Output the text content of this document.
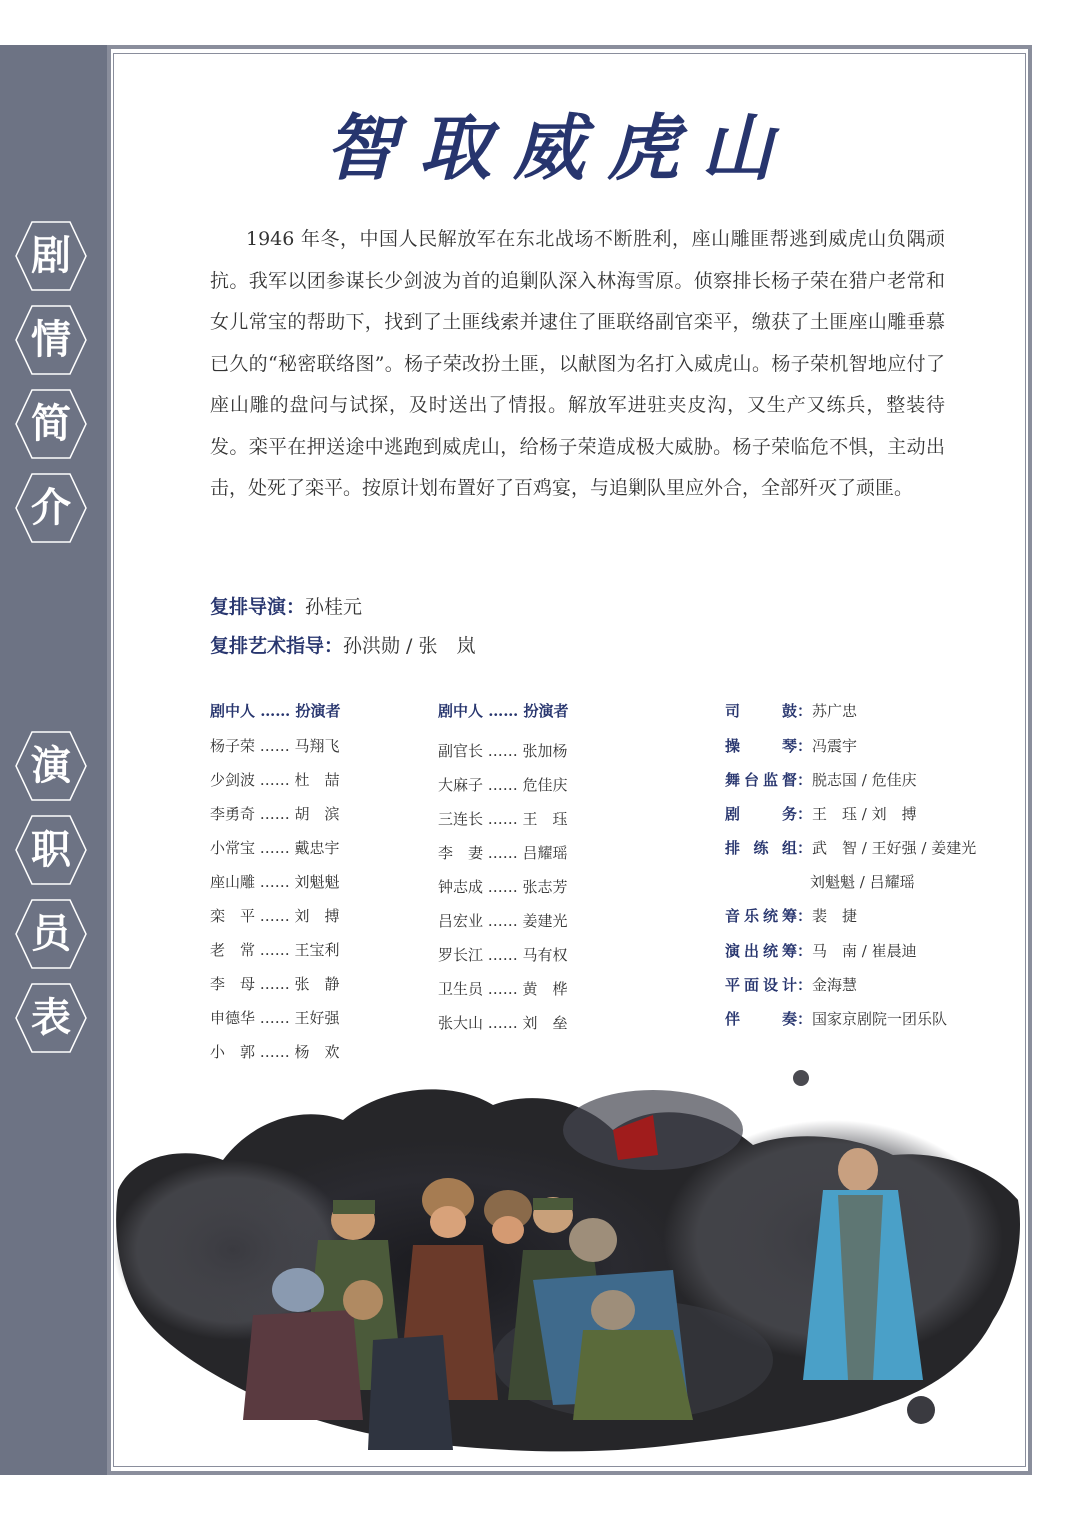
剧
情
简
介
演
职
员
表
智取威虎山

1946 年冬，中国人民解放军在东北战场不断胜利，座山雕匪帮逃到威虎山负隅顽抗。我军以团参谋长少剑波为首的追剿队深入林海雪原。侦察排长杨子荣在猎户老常和女儿常宝的帮助下，找到了土匪线索并逮住了匪联络副官栾平，缴获了土匪座山雕垂慕已久的“秘密联络图”。杨子荣改扮土匪，以献图为名打入威虎山。杨子荣机智地应付了座山雕的盘问与试探，及时送出了情报。解放军进驻夹皮沟，又生产又练兵，整装待发。栾平在押送途中逃跑到威虎山，给杨子荣造成极大威胁。杨子荣临危不惧，主动出击，处死了栾平。按原计划布置好了百鸡宴，与追剿队里应外合，全部歼灭了顽匪。

复排导演：孙桂元
复排艺术指导：孙洪勋 / 张　岚
剧中人 …… 扮演者
杨子荣 …… 马翔飞
少剑波 …… 杜　喆
李勇奇 …… 胡　滨
小常宝 …… 戴忠宇
座山雕 …… 刘魁魁
栾　平 …… 刘　搏
老　常 …… 王宝利
李　母 …… 张　静
申德华 …… 王好强
小　郭 …… 杨　欢
剧中人 …… 扮演者
副官长 …… 张加杨
大麻子 …… 危佳庆
三连长 …… 王　珏
李　妻 …… 吕耀瑶
钟志成 …… 张志芳
吕宏业 …… 姜建光
罗长江 …… 马有权
卫生员 …… 黄　桦
张大山 …… 刘　垒
司鼓：苏广忠
操琴：冯震宇
舞台监督：脱志国 / 危佳庆
剧务：王　珏 / 刘　搏
排练组：武　智 / 王好强 / 姜建光
刘魁魁 / 吕耀瑶
音乐统筹：裴　捷
演出统筹：马　南 / 崔晨迪
平面设计：金海慧
伴奏：国家京剧院一团乐队
